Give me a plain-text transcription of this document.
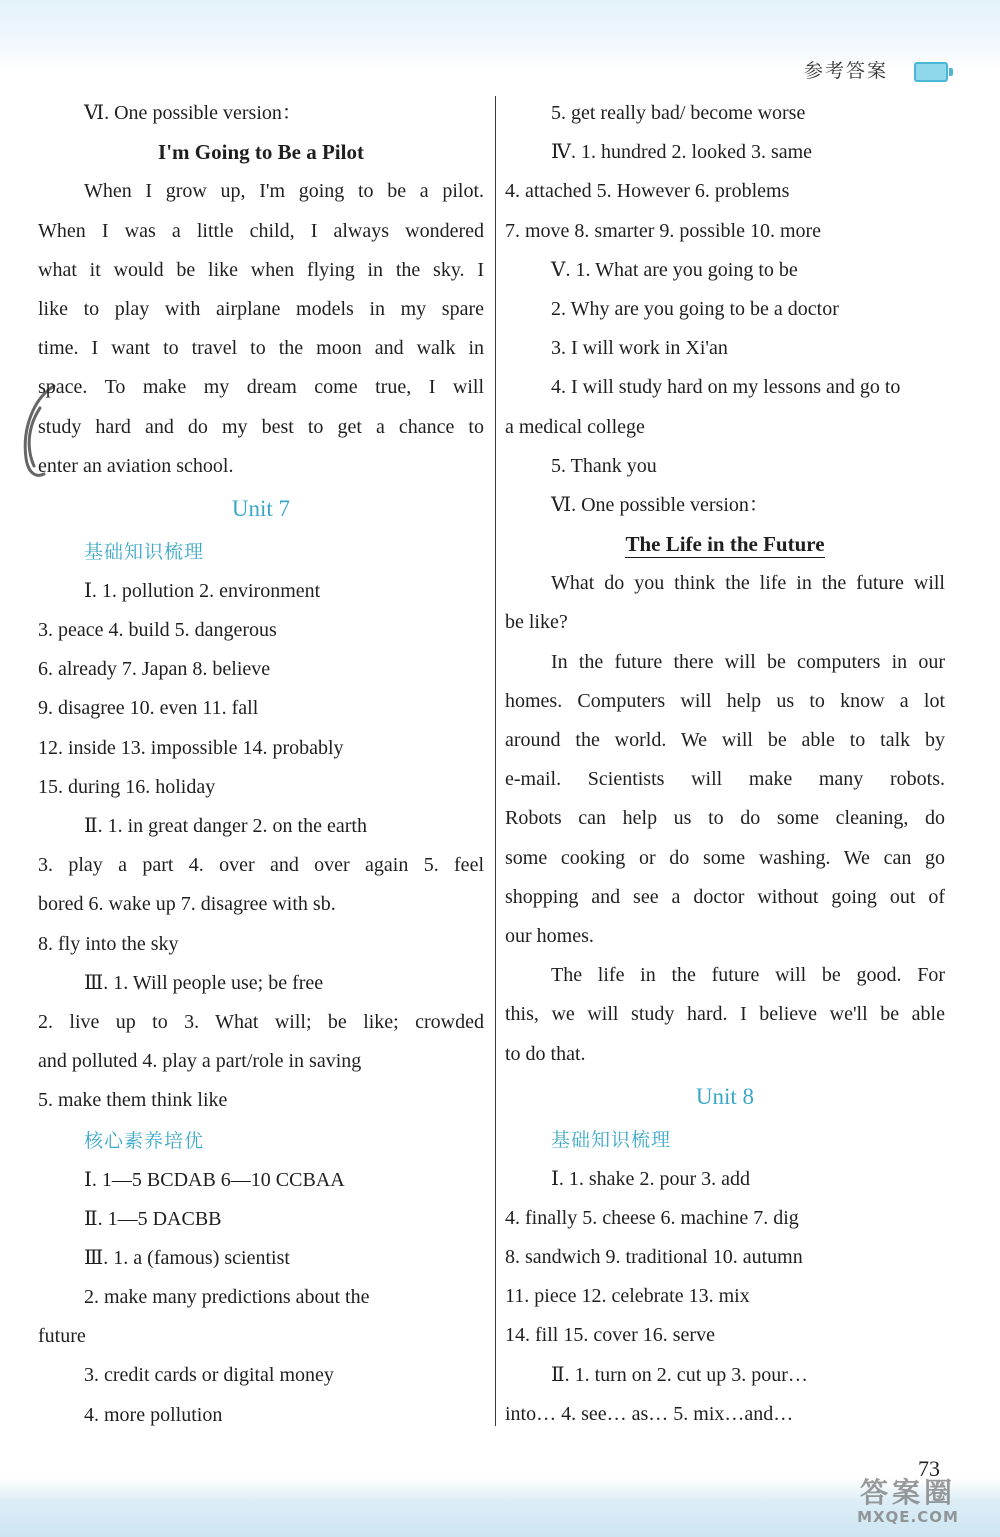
参考答案
Ⅵ. One possible version：
I'm Going to Be a Pilot
When I grow up, I'm going to be a pilot.
When I was a little child, I always wondered
what it would be like when flying in the sky. I
like to play with airplane models in my spare
time. I want to travel to the moon and walk in
space. To make my dream come true, I will
study hard and do my best to get a chance to
enter an aviation school.
Unit 7
基础知识梳理
Ⅰ. 1. pollution 2. environment
3. peace 4. build 5. dangerous
6. already 7. Japan 8. believe
9. disagree 10. even 11. fall
12. inside 13. impossible 14. probably
15. during 16. holiday
Ⅱ. 1. in great danger 2. on the earth
3. play a part 4. over and over again 5. feel
bored 6. wake up 7. disagree with sb.
8. fly into the sky
Ⅲ. 1. Will people use; be free
2. live up to 3. What will; be like; crowded
and polluted 4. play a part/role in saving
5. make them think like
核心素养培优
Ⅰ. 1—5 BCDAB 6—10 CCBAA
Ⅱ. 1—5 DACBB
Ⅲ. 1. a (famous) scientist
2. make many predictions about the
future
3. credit cards or digital money
4. more pollution
5. get really bad/ become worse
Ⅳ. 1. hundred 2. looked 3. same
4. attached 5. However 6. problems
7. move 8. smarter 9. possible 10. more
Ⅴ. 1. What are you going to be
2. Why are you going to be a doctor
3. I will work in Xi'an
4. I will study hard on my lessons and go to
a medical college
5. Thank you
Ⅵ. One possible version：
The Life in the Future
What do you think the life in the future will
be like?
In the future there will be computers in our
homes. Computers will help us to know a lot
around the world. We will be able to talk by
e-mail. Scientists will make many robots.
Robots can help us to do some cleaning, do
some cooking or do some washing. We can go
shopping and see a doctor without going out of
our homes.
The life in the future will be good. For
this, we will study hard. I believe we'll be able
to do that.
Unit 8
基础知识梳理
Ⅰ. 1. shake 2. pour 3. add
4. finally 5. cheese 6. machine 7. dig
8. sandwich 9. traditional 10. autumn
11. piece 12. celebrate 13. mix
14. fill 15. cover 16. serve
Ⅱ. 1. turn on 2. cut up 3. pour…
into… 4. see… as… 5. mix…and…
73
答案圈
MXQE.COM
